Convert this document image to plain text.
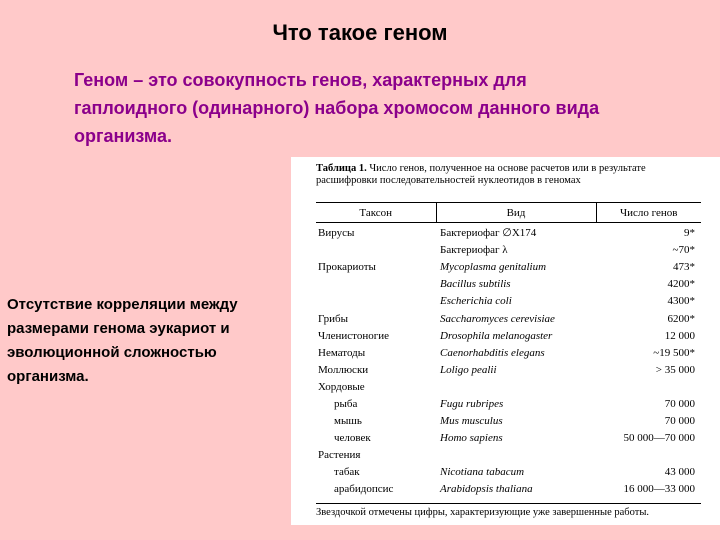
Что такое геном
Геном – это совокупность генов, характерных для гаплоидного (одинарного) набора хромосом данного вида организма.
Отсутствие корреляции между размерами генома эукариот и эволюционной сложностью организма.
Таблица 1. Число генов, полученное на основе расчетов или в результате расшифровки последовательностей нуклеотидов в геномах
Таксон	Вид	Число генов
Вирусы	Бактериофаг ∅X174	9*
	Бактериофаг λ	~70*
Прокариоты	Mycoplasma genitalium	473*
	Bacillus subtilis	4200*
	Escherichia coli	4300*
Грибы	Saccharomyces cerevisiae	6200*
Членистоногие	Drosophila melanogaster	12 000
Нематоды	Caenorhabditis elegans	~19 500*
Моллюски	Loligo pealii	> 35 000
Хордовые		
рыба	Fugu rubripes	70 000
мышь	Mus musculus	70 000
человек	Homo sapiens	50 000—70 000
Растения		
табак	Nicotiana tabacum	43 000
арабидопсис	Arabidopsis thaliana	16 000—33 000
Звездочкой отмечены цифры, характеризующие уже завершенные работы.
